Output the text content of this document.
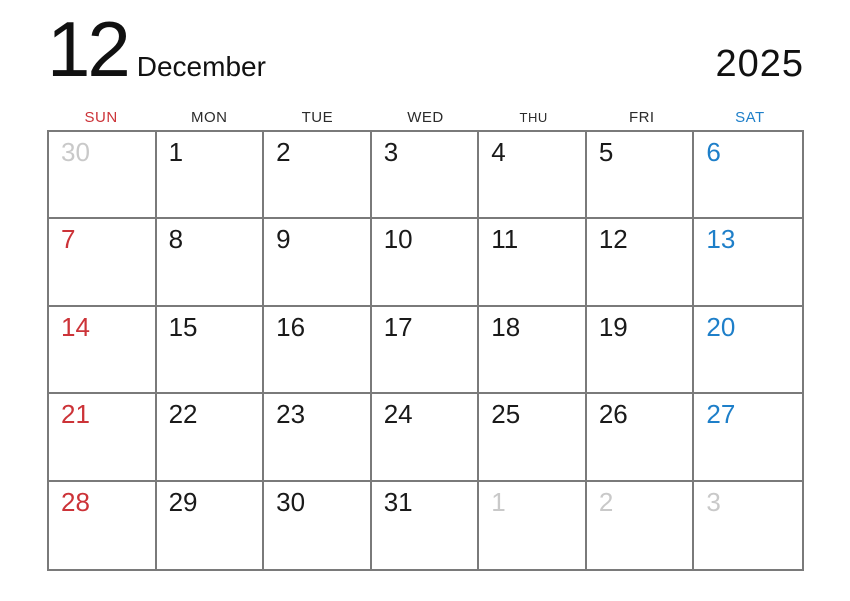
12 December	2025
SUN	MON	TUE	WED	THU	FRI	SAT
30	1	2	3	4	5	6
7	8	9	10	11	12	13
14	15	16	17	18	19	20
21	22	23	24	25	26	27
28	29	30	31	1	2	3
